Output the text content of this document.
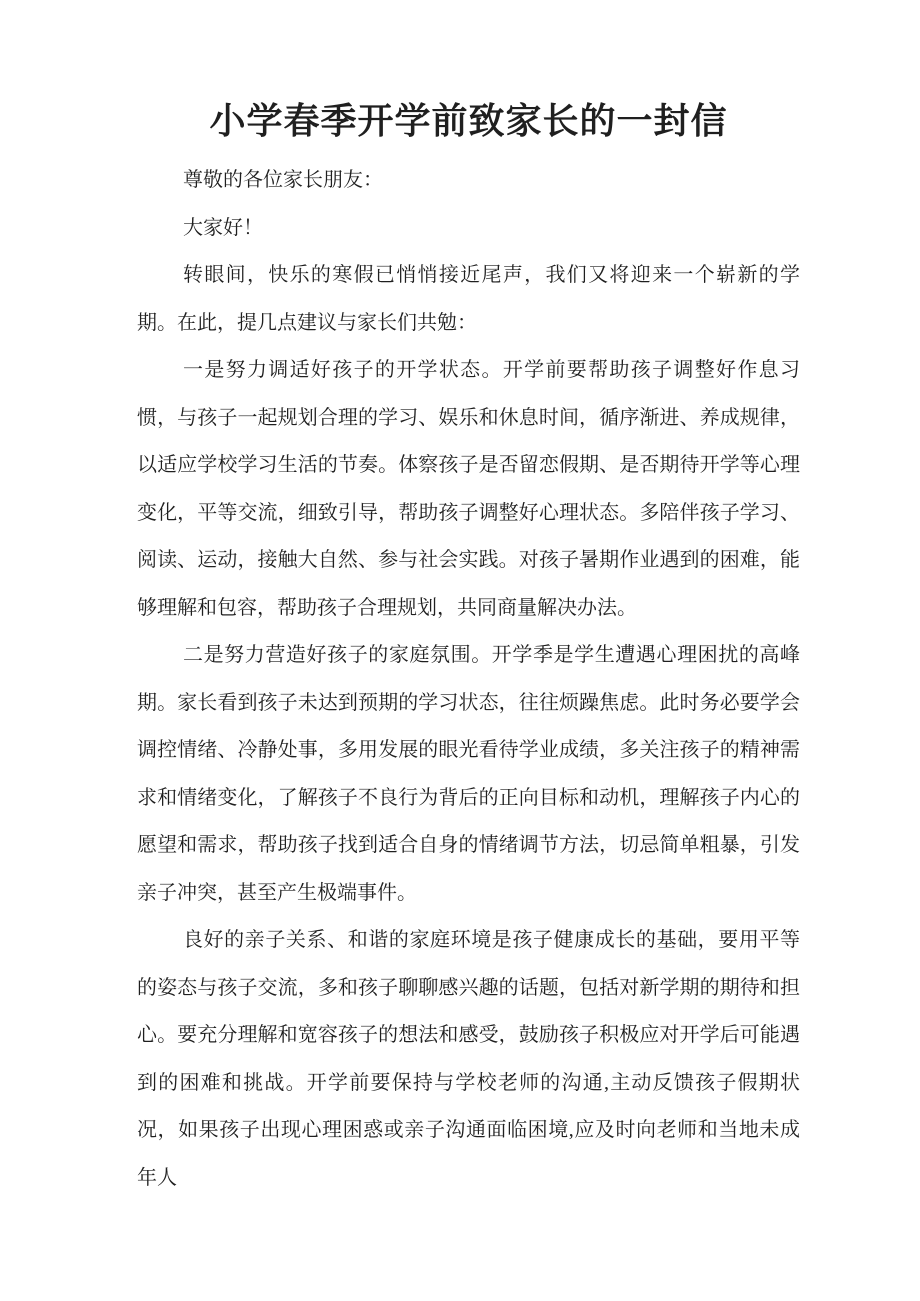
小学春季开学前致家长的一封信

尊敬的各位家长朋友：

大家好！

转眼间，快乐的寒假已悄悄接近尾声，我们又将迎来一个崭新的学期。在此，提几点建议与家长们共勉：

一是努力调适好孩子的开学状态。开学前要帮助孩子调整好作息习惯，与孩子一起规划合理的学习、娱乐和休息时间，循序渐进、养成规律，以适应学校学习生活的节奏。体察孩子是否留恋假期、是否期待开学等心理变化，平等交流，细致引导，帮助孩子调整好心理状态。多陪伴孩子学习、阅读、运动，接触大自然、参与社会实践。对孩子暑期作业遇到的困难，能够理解和包容，帮助孩子合理规划，共同商量解决办法。

二是努力营造好孩子的家庭氛围。开学季是学生遭遇心理困扰的高峰期。家长看到孩子未达到预期的学习状态，往往烦躁焦虑。此时务必要学会调控情绪、冷静处事，多用发展的眼光看待学业成绩，多关注孩子的精神需求和情绪变化，了解孩子不良行为背后的正向目标和动机，理解孩子内心的愿望和需求，帮助孩子找到适合自身的情绪调节方法，切忌简单粗暴，引发亲子冲突，甚至产生极端事件。

良好的亲子关系、和谐的家庭环境是孩子健康成长的基础，要用平等的姿态与孩子交流，多和孩子聊聊感兴趣的话题，包括对新学期的期待和担心。要充分理解和宽容孩子的想法和感受，鼓励孩子积极应对开学后可能遇到的困难和挑战。开学前要保持与学校老师的沟通,主动反馈孩子假期状况，如果孩子出现心理困惑或亲子沟通面临困境,应及时向老师和当地未成年人
